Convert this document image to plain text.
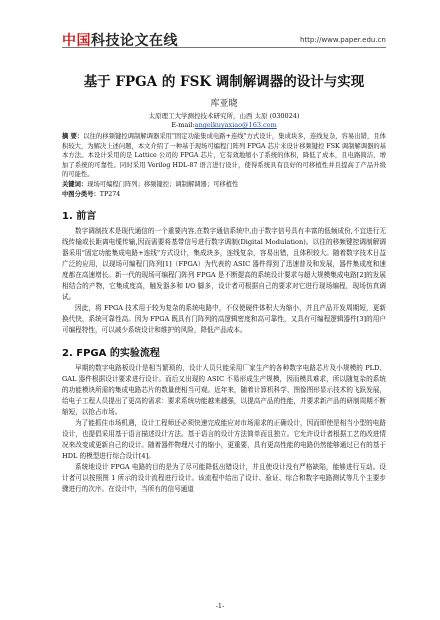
中国科技论文在线	http://www.paper.edu.cn
基于 FPGA 的 FSK 调制解调器的设计与实现
库亚晓
太原理工大学测控技术研究所，山西 太原 (030024)
E-mail:angelkuyaxiao@163.com
摘 要：以往的移频键控调制解调器采用"固定功能集成电路+连线"方式设计，集成块多，连线复杂，容易出错，且体积较大，为解决上述问题，本文介绍了一种基于现场可编程门阵列 FPGA 芯片来设计移频键控 FSK 调制解调器的基本方法。本设计采用的是 Lattice 公司的 FPGA 芯片，它有效地缩小了系统的体积，降低了成本，且电路简洁，增加了系统的可靠性。同时采用 Verilog HDL-87 语言进行设计，使得系统具有良好的可移植性并且提高了产品升级的可能性。
关键词：现场可编程门阵列；移频键控；调制解调器；可移植性
中图分类号：TP274
1. 前言

数字调制技术是现代通信的一个重要内容,在数字通信系统中,由于数字信号具有丰富的低频成份,不宜进行无线传输或长距离电缆传输,因而需要将基带信号进行数字调制(Digital Modulation)。以往的移频键控调制解调器采用"固定功能集成电路+连线"方式设计，集成块多，连线复杂，容易出错，且体积较大。随着数字技术日益广泛的应用，以现场可编程门阵列[1]（FPGA）为代表的 ASIC 器件得到了迅速普及和发展，器件集成度和速度都在高速增长。新一代的现场可编程门阵列 FPGA 是不断提高的系统设计要求与超大规模集成电路[2]的发展相结合的产物，它集成度高，触发器多和 I/O 脚多，设计者可根据自己的要求对它进行现场编程，现场仿真调试。

因此，将 FPGA 技术用于较为复杂的系统电路中，不仅使硬件体积大为缩小，并且产品开发周期短，更新换代快，系统可靠性高。因为 FPGA 既具有门阵列的高逻辑密度和高可靠性，又具有可编程逻辑器件[3]的用户可编程特性，可以减少系统设计和维护的风险，降低产品成本。

2. FPGA 的实验流程

早期的数字电路板设计是相当繁琐的，设计人员只能采用厂家生产的各种数字电路芯片及小规模的 PLD、GAL 器件根据设计要求进行设计。而后又出现的 ASIC 不易形成生产规模，因而模具难求，所以随复杂的系统的功能模块所需的集成电路芯片的数量使相当可观。近年来，随着计算机科学、图像图形显示技术的飞跃发展，给电子工程人员提出了更高的需求：要求系统功能越来越强，以提高产品的性能，并要求新产品的研制周期不断缩短，以抢占市场。

为了能抓住市场机遇，设计工程师还必须快速完成能应对市场需求的正确设计，因而即使是相当小型的电路设计，也提倡采用基于语言描述设计方法。基于语言的设计方法简单而且独立。它允许设计者根据工艺的改进情况来改变或更新自己的设计。随着器件物理尺寸的缩小，更重要，具有更高性能的电路仍然能够通过已有的基于 HDL 的模型进行综合设计[4]。

系统地设计 FPGA 电路的目的是为了尽可能降低出错设计，并且使设计没有严格缺陷，能够进行互动。设计者可以按照图 1 所示的设计流程进行设计。该流程中给出了设计、验证、综合和数字电路测试等几个主要步骤进行的次序。在设计中，当所有的信号通道

-1-
